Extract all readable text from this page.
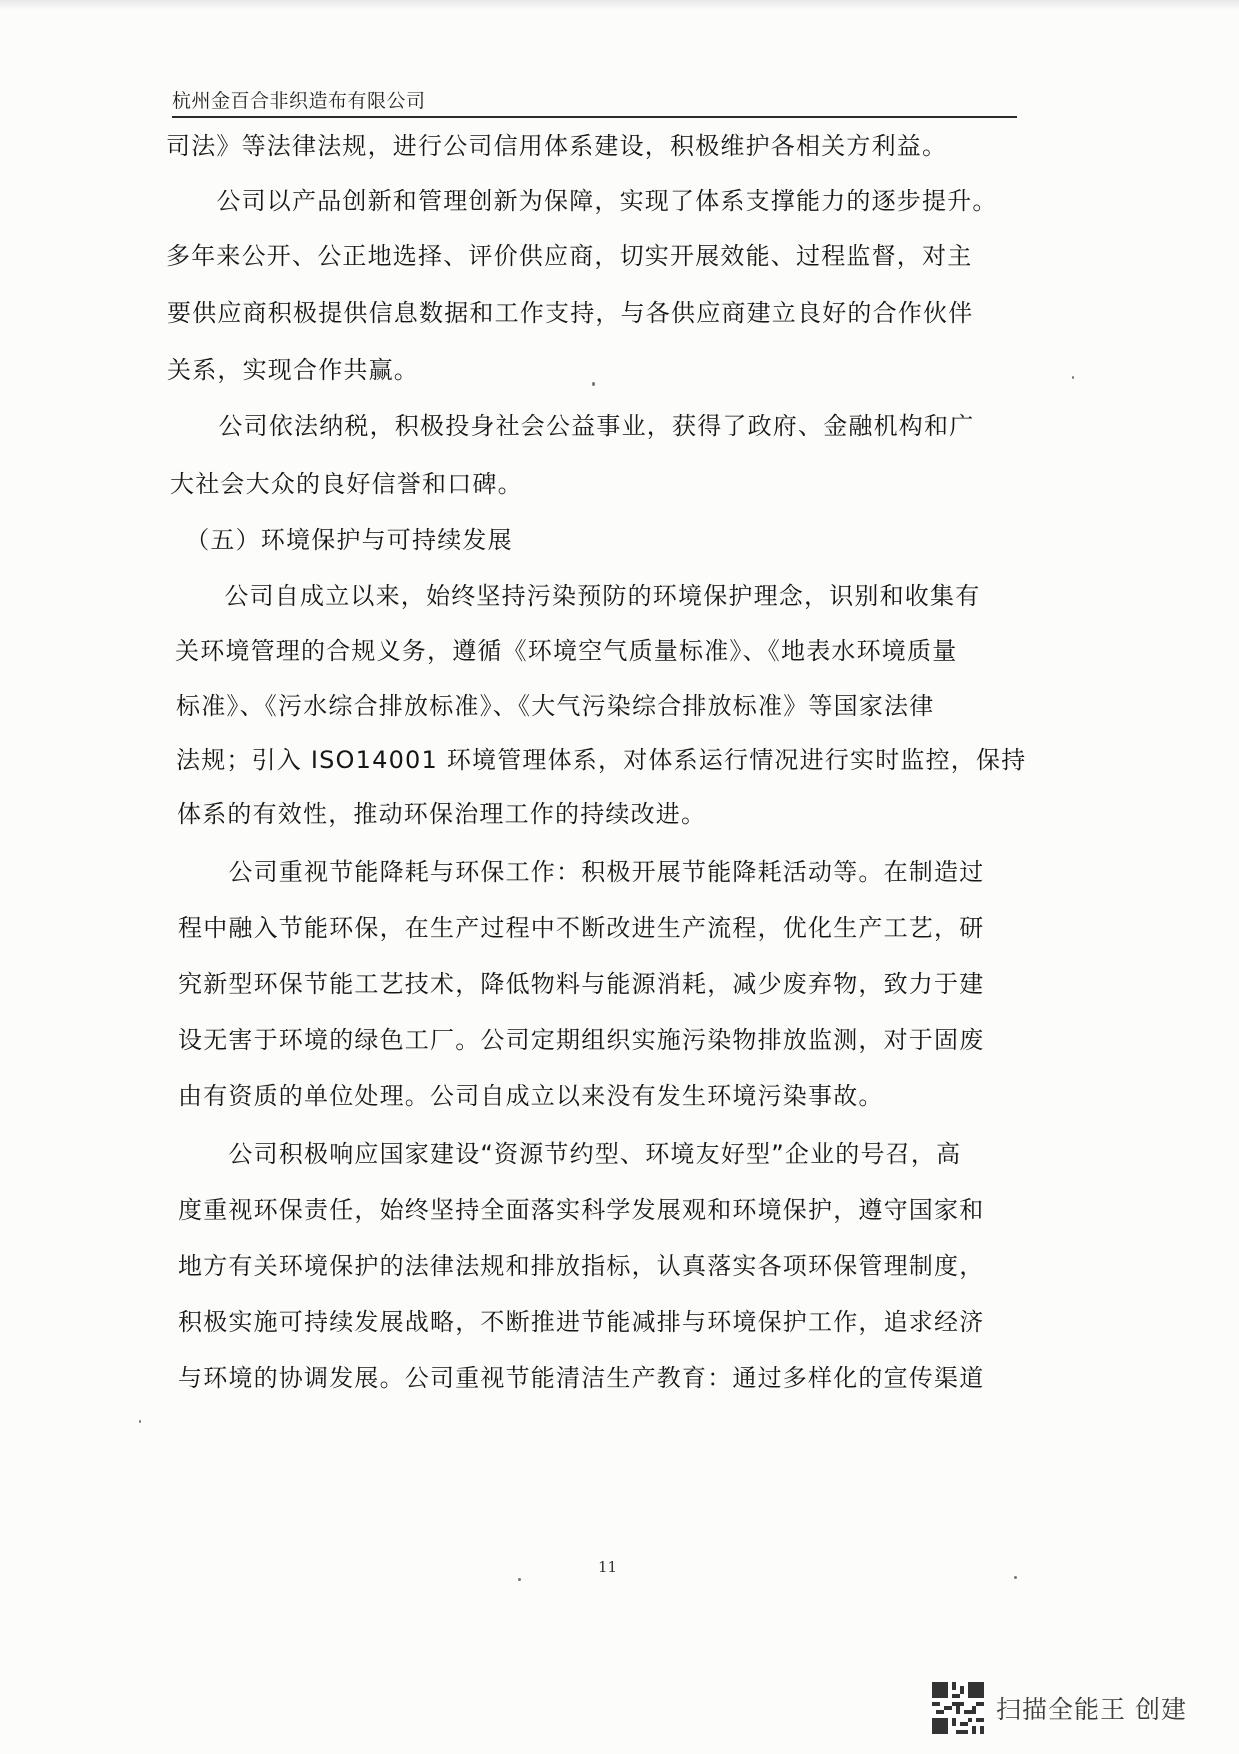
杭州金百合非织造布有限公司
司法》等法律法规，进行公司信用体系建设，积极维护各相关方利益。
　　公司以产品创新和管理创新为保障，实现了体系支撑能力的逐步提升。
多年来公开、公正地选择、评价供应商，切实开展效能、过程监督，对主
要供应商积极提供信息数据和工作支持，与各供应商建立良好的合作伙伴
关系，实现合作共赢。
　　公司依法纳税，积极投身社会公益事业，获得了政府、金融机构和广
大社会大众的良好信誉和口碑。
　（五）环境保护与可持续发展
　　公司自成立以来，始终坚持污染预防的环境保护理念，识别和收集有
关环境管理的合规义务，遵循《环境空气质量标准》、《地表水环境质量
标准》、《污水综合排放标准》、《大气污染综合排放标准》等国家法律
法规；引入 ISO14001 环境管理体系，对体系运行情况进行实时监控，保持
体系的有效性，推动环保治理工作的持续改进。
　　公司重视节能降耗与环保工作：积极开展节能降耗活动等。在制造过
程中融入节能环保，在生产过程中不断改进生产流程，优化生产工艺，研
究新型环保节能工艺技术，降低物料与能源消耗，减少废弃物，致力于建
设无害于环境的绿色工厂。公司定期组织实施污染物排放监测，对于固废
由有资质的单位处理。公司自成立以来没有发生环境污染事故。
　　公司积极响应国家建设“资源节约型、环境友好型”企业的号召，高
度重视环保责任，始终坚持全面落实科学发展观和环境保护，遵守国家和
地方有关环境保护的法律法规和排放指标，认真落实各项环保管理制度，
积极实施可持续发展战略，不断推进节能减排与环境保护工作，追求经济
与环境的协调发展。公司重视节能清洁生产教育：通过多样化的宣传渠道
11
扫描全能王 创建
